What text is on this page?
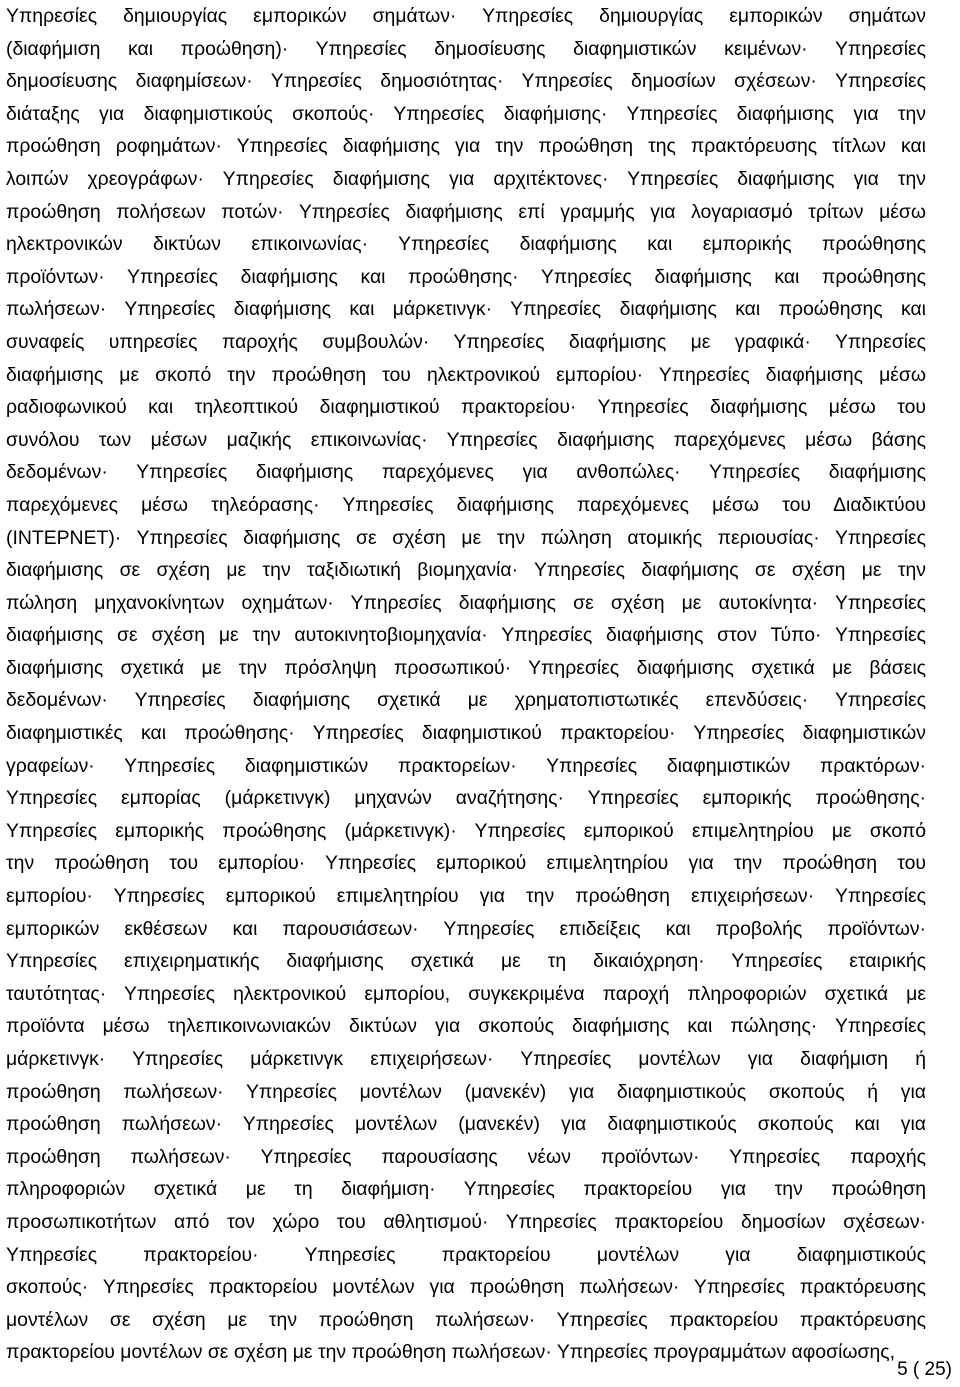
Υπηρεσίες δημιουργίας εμπορικών σημάτων· Υπηρεσίες δημιουργίας εμπορικών σημάτων
(διαφήμιση και προώθηση)· Υπηρεσίες δημοσίευσης διαφημιστικών κειμένων· Υπηρεσίες
δημοσίευσης διαφημίσεων· Υπηρεσίες δημοσιότητας· Υπηρεσίες δημοσίων σχέσεων· Υπηρεσίες
διάταξης για διαφημιστικούς σκοπούς· Υπηρεσίες διαφήμισης· Υπηρεσίες διαφήμισης για την
προώθηση ροφημάτων· Υπηρεσίες διαφήμισης για την προώθηση της πρακτόρευσης τίτλων και
λοιπών χρεογράφων· Υπηρεσίες διαφήμισης για αρχιτέκτονες· Υπηρεσίες διαφήμισης για την
προώθηση πολήσεων ποτών· Υπηρεσίες διαφήμισης επί γραμμής για λογαριασμό τρίτων μέσω
ηλεκτρονικών δικτύων επικοινωνίας· Υπηρεσίες διαφήμισης και εμπορικής προώθησης
προϊόντων· Υπηρεσίες διαφήμισης και προώθησης· Υπηρεσίες διαφήμισης και προώθησης
πωλήσεων· Υπηρεσίες διαφήμισης και μάρκετινγκ· Υπηρεσίες διαφήμισης και προώθησης και
συναφείς υπηρεσίες παροχής συμβουλών· Υπηρεσίες διαφήμισης με γραφικά· Υπηρεσίες
διαφήμισης με σκοπό την προώθηση του ηλεκτρονικού εμπορίου· Υπηρεσίες διαφήμισης μέσω
ραδιοφωνικού και τηλεοπτικού διαφημιστικού πρακτορείου· Υπηρεσίες διαφήμισης μέσω του
συνόλου των μέσων μαζικής επικοινωνίας· Υπηρεσίες διαφήμισης παρεχόμενες μέσω βάσης
δεδομένων· Υπηρεσίες διαφήμισης παρεχόμενες για ανθοπώλες· Υπηρεσίες διαφήμισης
παρεχόμενες μέσω τηλεόρασης· Υπηρεσίες διαφήμισης παρεχόμενες μέσω του Διαδικτύου
(ΙΝΤΕΡΝΕΤ)· Υπηρεσίες διαφήμισης σε σχέση με την πώληση ατομικής περιουσίας· Υπηρεσίες
διαφήμισης σε σχέση με την ταξιδιωτική βιομηχανία· Υπηρεσίες διαφήμισης σε σχέση με την
πώληση μηχανοκίνητων οχημάτων· Υπηρεσίες διαφήμισης σε σχέση με αυτοκίνητα· Υπηρεσίες
διαφήμισης σε σχέση με την αυτοκινητοβιομηχανία· Υπηρεσίες διαφήμισης στον Τύπο· Υπηρεσίες
διαφήμισης σχετικά με την πρόσληψη προσωπικού· Υπηρεσίες διαφήμισης σχετικά με βάσεις
δεδομένων· Υπηρεσίες διαφήμισης σχετικά με χρηματοπιστωτικές επενδύσεις· Υπηρεσίες
διαφημιστικές και προώθησης· Υπηρεσίες διαφημιστικού πρακτορείου· Υπηρεσίες διαφημιστικών
γραφείων· Υπηρεσίες διαφημιστικών πρακτορείων· Υπηρεσίες διαφημιστικών πρακτόρων·
Υπηρεσίες εμπορίας (μάρκετινγκ) μηχανών αναζήτησης· Υπηρεσίες εμπορικής προώθησης·
Υπηρεσίες εμπορικής προώθησης (μάρκετινγκ)· Υπηρεσίες εμπορικού επιμελητηρίου με σκοπό
την προώθηση του εμπορίου· Υπηρεσίες εμπορικού επιμελητηρίου για την προώθηση του
εμπορίου· Υπηρεσίες εμπορικού επιμελητηρίου για την προώθηση επιχειρήσεων· Υπηρεσίες
εμπορικών εκθέσεων και παρουσιάσεων· Υπηρεσίες επιδείξεις και προβολής προϊόντων·
Υπηρεσίες επιχειρηματικής διαφήμισης σχετικά με τη δικαιόχρηση· Υπηρεσίες εταιρικής
ταυτότητας· Υπηρεσίες ηλεκτρονικού εμπορίου, συγκεκριμένα παροχή πληροφοριών σχετικά με
προϊόντα μέσω τηλεπικοινωνιακών δικτύων για σκοπούς διαφήμισης και πώλησης· Υπηρεσίες
μάρκετινγκ· Υπηρεσίες μάρκετινγκ επιχειρήσεων· Υπηρεσίες μοντέλων για διαφήμιση ή
προώθηση πωλήσεων· Υπηρεσίες μοντέλων (μανεκέν) για διαφημιστικούς σκοπούς ή για
προώθηση πωλήσεων· Υπηρεσίες μοντέλων (μανεκέν) για διαφημιστικούς σκοπούς και για
προώθηση πωλήσεων· Υπηρεσίες παρουσίασης νέων προϊόντων· Υπηρεσίες παροχής
πληροφοριών σχετικά με τη διαφήμιση· Υπηρεσίες πρακτορείου για την προώθηση
προσωπικοτήτων από τον χώρο του αθλητισμού· Υπηρεσίες πρακτορείου δημοσίων σχέσεων·
Υπηρεσίες πρακτορείου· Υπηρεσίες πρακτορείου μοντέλων για διαφημιστικούς
σκοπούς· Υπηρεσίες πρακτορείου μοντέλων για προώθηση πωλήσεων· Υπηρεσίες πρακτόρευσης
μοντέλων σε σχέση με την προώθηση πωλήσεων· Υπηρεσίες πρακτορείου πρακτόρευσης
πρακτορείου μοντέλων σε σχέση με την προώθηση πωλήσεων· Υπηρεσίες προγραμμάτων αφοσίωσης,
5 ( 25)
